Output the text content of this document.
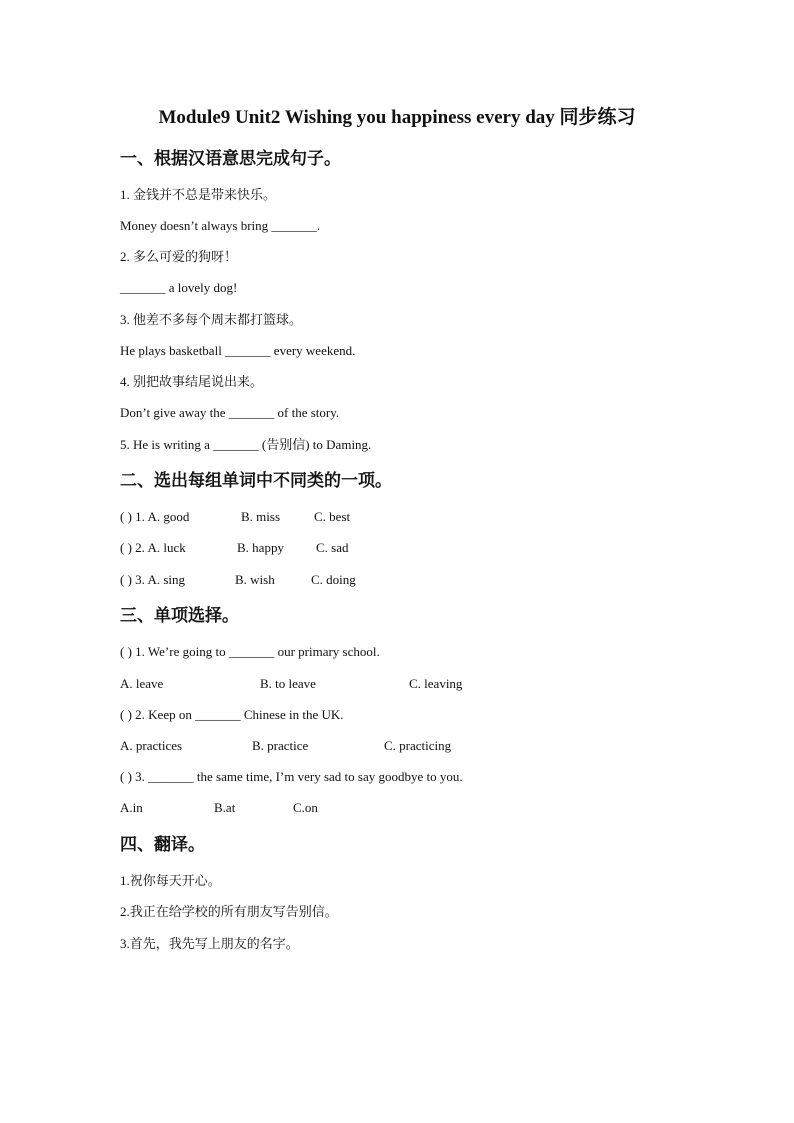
Module9 Unit2 Wishing you happiness every day 同步练习
一、根据汉语意思完成句子。
1. 金钱并不总是带来快乐。
Money doesn’t always bring _______.
2. 多么可爱的狗呀！
_______ a lovely dog!
3. 他差不多每个周末都打篮球。
He plays basketball _______ every weekend.
4. 别把故事结尾说出来。
Don’t give away the _______ of the story.
5. He is writing a _______ (告别信) to Daming.
二、选出每组单词中不同类的一项。
( ) 1. A. good	B. miss	C. best
( ) 2. A. luck	B. happy C. sad
( ) 3. A. sing	B. wish	C. doing
三、单项选择。
( ) 1. We’re going to _______ our primary school.
A. leave	B. to leave	C. leaving
( ) 2. Keep on _______ Chinese in the UK.
A. practices	B. practice	C. practicing
( ) 3. _______ the same time, I’m very sad to say goodbye to you.
A.in	B.at	C.on
四、翻译。
1.祝你每天开心。
2.我正在给学校的所有朋友写告别信。
3.首先，我先写上朋友的名字。
